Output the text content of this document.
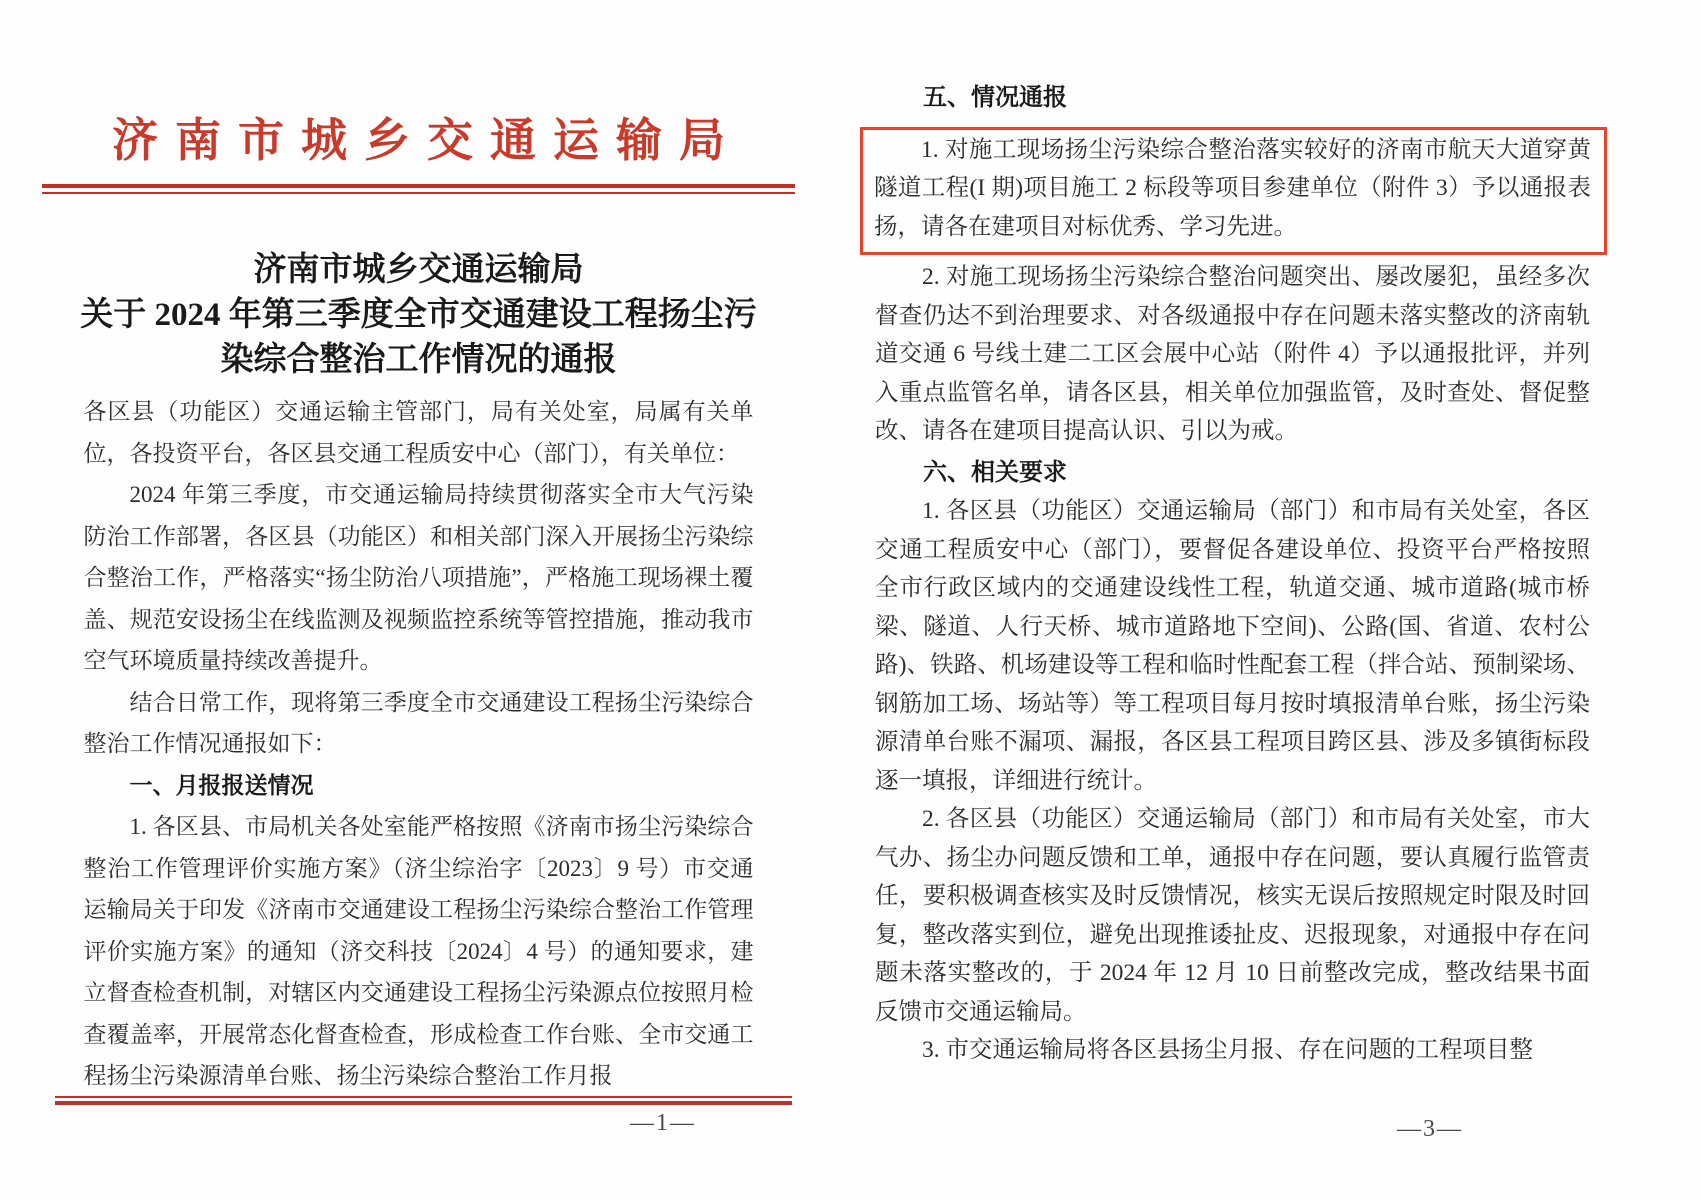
济南市城乡交通运输局
济南市城乡交通运输局
关于 2024 年第三季度全市交通建设工程扬尘污
染综合整治工作情况的通报

各区县（功能区）交通运输主管部门，局有关处室，局属有关单位，各投资平台，各区县交通工程质安中心（部门），有关单位：

2024 年第三季度，市交通运输局持续贯彻落实全市大气污染防治工作部署，各区县（功能区）和相关部门深入开展扬尘污染综合整治工作，严格落实“扬尘防治八项措施”，严格施工现场裸土覆盖、规范安设扬尘在线监测及视频监控系统等管控措施，推动我市空气环境质量持续改善提升。

结合日常工作，现将第三季度全市交通建设工程扬尘污染综合整治工作情况通报如下：

一、月报报送情况

1. 各区县、市局机关各处室能严格按照《济南市扬尘污染综合整治工作管理评价实施方案》（济尘综治字〔2023〕9 号）市交通运输局关于印发《济南市交通建设工程扬尘污染综合整治工作管理评价实施方案》的通知（济交科技〔2024〕4 号）的通知要求，建立督查检查机制，对辖区内交通建设工程扬尘污染源点位按照月检查覆盖率，开展常态化督查检查，形成检查工作台账、全市交通工程扬尘污染源清单台账、扬尘污染综合整治工作月报

—1—

五、情况通报

1. 对施工现场扬尘污染综合整治落实较好的济南市航天大道穿黄隧道工程(I 期)项目施工 2 标段等项目参建单位（附件 3）予以通报表扬，请各在建项目对标优秀、学习先进。

2. 对施工现场扬尘污染综合整治问题突出、屡改屡犯，虽经多次督查仍达不到治理要求、对各级通报中存在问题未落实整改的济南轨道交通 6 号线土建二工区会展中心站（附件 4）予以通报批评，并列入重点监管名单，请各区县，相关单位加强监管，及时查处、督促整改、请各在建项目提高认识、引以为戒。

六、相关要求

1. 各区县（功能区）交通运输局（部门）和市局有关处室，各区交通工程质安中心（部门），要督促各建设单位、投资平台严格按照全市行政区域内的交通建设线性工程，轨道交通、城市道路(城市桥梁、隧道、人行天桥、城市道路地下空间)、公路(国、省道、农村公路)、铁路、机场建设等工程和临时性配套工程（拌合站、预制梁场、钢筋加工场、场站等）等工程项目每月按时填报清单台账，扬尘污染源清单台账不漏项、漏报，各区县工程项目跨区县、涉及多镇街标段逐一填报，详细进行统计。

2. 各区县（功能区）交通运输局（部门）和市局有关处室，市大气办、扬尘办问题反馈和工单，通报中存在问题，要认真履行监管责任，要积极调查核实及时反馈情况，核实无误后按照规定时限及时回复，整改落实到位，避免出现推诿扯皮、迟报现象，对通报中存在问题未落实整改的，于 2024 年 12 月 10 日前整改完成，整改结果书面反馈市交通运输局。

3. 市交通运输局将各区县扬尘月报、存在问题的工程项目整

—3—
